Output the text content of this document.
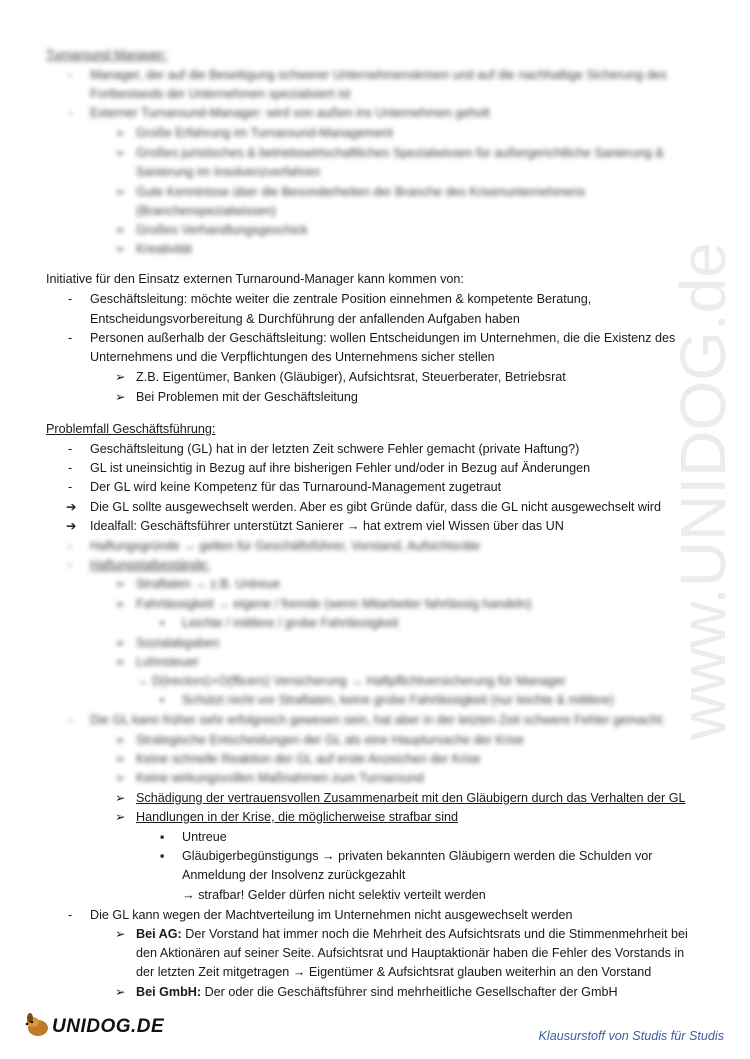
www.UNIDOG.de
Turnaround Manager:
- Manager, der auf die Beseitigung schwerer Unternehmenskrisen und auf die nachhaltige Sicherung des
Fortbestands der Unternehmen spezialisiert ist
- Externer Turnaround-Manager: wird von außen ins Unternehmen geholt
➢ Große Erfahrung im Turnaround-Management
➢ Großes juristisches & betriebswirtschaftliches Spezialwissen für außergerichtliche Sanierung &
Sanierung im Insolvenzverfahren
➢ Gute Kenntnisse über die Besonderheiten der Branche des Krisenunternehmens
(Branchenspezialwissen)
➢ Großes Verhandlungsgeschick
➢ Kreativität
Initiative für den Einsatz externen Turnaround-Manager kann kommen von:
- Geschäftsleitung: möchte weiter die zentrale Position einnehmen & kompetente Beratung,
Entscheidungsvorbereitung & Durchführung der anfallenden Aufgaben haben
- Personen außerhalb der Geschäftsleitung: wollen Entscheidungen im Unternehmen, die die Existenz des
Unternehmens und die Verpflichtungen des Unternehmens sicher stellen
➢ Z.B. Eigentümer, Banken (Gläubiger), Aufsichtsrat, Steuerberater, Betriebsrat
➢ Bei Problemen mit der Geschäftsleitung
Problemfall Geschäftsführung:
- Geschäftsleitung (GL) hat in der letzten Zeit schwere Fehler gemacht (private Haftung?)
- GL ist uneinsichtig in Bezug auf ihre bisherigen Fehler und/oder in Bezug auf Änderungen
- Der GL wird keine Kompetenz für das Turnaround-Management zugetraut
➔ Die GL sollte ausgewechselt werden. Aber es gibt Gründe dafür, dass die GL nicht ausgewechselt wird
➔ Idealfall: Geschäftsführer unterstützt Sanierer → hat extrem viel Wissen über das UN
- Haftungsgründe → gelten für Geschäftsführer, Vorstand, Aufsichtsräte
- Haftungstatbestände:
➢ Straftaten → z.B. Untreue
➢ Fahrlässigkeit → eigene / fremde (wenn Mitarbeiter fahrlässig handeln)
▪ Leichte / mittlere / grobe Fahrlässigkeit
➢ Sozialabgaben
➢ Lohnsteuer
→ D(irectors)+O(fficers) Versicherung → Haftpflichtversicherung für Manager
▪ Schützt nicht vor Straftaten, keine grobe Fahrlässigkeit (nur leichte & mittlere)
- Die GL kann früher sehr erfolgreich gewesen sein, hat aber in der letzten Zeit schwere Fehler gemacht:
➢ Strategische Entscheidungen der GL als eine Hauptursache der Krise
➢ Keine schnelle Reaktion der GL auf erste Anzeichen der Krise
➢ Keine wirkungsvollen Maßnahmen zum Turnaround
➢ Schädigung der vertrauensvollen Zusammenarbeit mit den Gläubigern durch das Verhalten der GL
➢ Handlungen in der Krise, die möglicherweise strafbar sind
▪ Untreue
▪ Gläubigerbegünstigungs → privaten bekannten Gläubigern werden die Schulden vor
Anmeldung der Insolvenz zurückgezahlt
→ strafbar! Gelder dürfen nicht selektiv verteilt werden
- Die GL kann wegen der Machtverteilung im Unternehmen nicht ausgewechselt werden
➢ Bei AG: Der Vorstand hat immer noch die Mehrheit des Aufsichtsrats und die Stimmenmehrheit bei
den Aktionären auf seiner Seite. Aufsichtsrat und Hauptaktionär haben die Fehler des Vorstands in
der letzten Zeit mitgetragen → Eigentümer & Aufsichtsrat glauben weiterhin an den Vorstand
➢ Bei GmbH: Der oder die Geschäftsführer sind mehrheitliche Gesellschafter der GmbH
UNIDOG.DE	Klausurstoff von Studis für Studis
